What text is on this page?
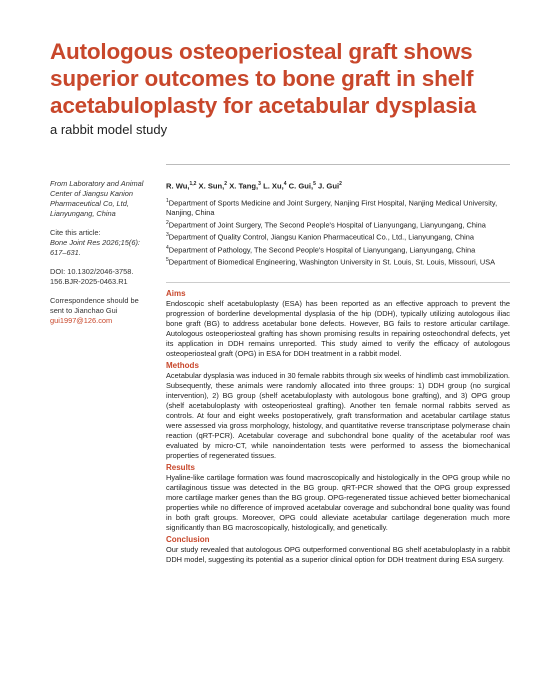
Autologous osteoperiosteal graft shows superior outcomes to bone graft in shelf acetabuloplasty for acetabular dysplasia
a rabbit model study
From Laboratory and Animal Center of Jiangsu Kanion Pharmaceutical Co, Ltd, Lianyungang, China
Cite this article:
Bone Joint Res 2026;15(6): 617–631.
DOI: 10.1302/2046-3758. 156.BJR-2025-0463.R1
Correspondence should be sent to Jianchao Gui
gui1997@126.com
R. Wu,$^{1,2}$ X. Sun,$^2$ X. Tang,$^3$ L. Xu,$^4$ C. Gui,$^5$ J. Gui$^2$

$^1$Department of Sports Medicine and Joint Surgery, Nanjing First Hospital, Nanjing Medical University, Nanjing, China

$^2$Department of Joint Surgery, The Second People's Hospital of Lianyungang, Lianyungang, China

$^3$Department of Quality Control, Jiangsu Kanion Pharmaceutical Co., Ltd., Lianyungang, China

$^4$Department of Pathology, The Second People's Hospital of Lianyungang, Lianyungang, China

$^5$Department of Biomedical Engineering, Washington University in St. Louis, St. Louis, Missouri, USA

Aims

Endoscopic shelf acetabuloplasty (ESA) has been reported as an effective approach to prevent the progression of borderline developmental dysplasia of the hip (DDH), typically utilizing autologous iliac bone graft (BG) to address acetabular bone defects. However, BG fails to restore articular cartilage. Autologous osteoperiosteal grafting has shown promising results in repairing osteochondral defects, yet its application in DDH remains unreported. This study aimed to verify the efficacy of autologous osteoperiosteal graft (OPG) in ESA for DDH treatment in a rabbit model.

Methods

Acetabular dysplasia was induced in 30 female rabbits through six weeks of hindlimb cast immobilization. Subsequently, these animals were randomly allocated into three groups: 1) DDH group (no surgical intervention), 2) BG group (shelf acetabuloplasty with autologous bone grafting), and 3) OPG group (shelf acetabuloplasty with osteoperiosteal grafting). Another ten female normal rabbits served as controls. At four and eight weeks postoperatively, graft transformation and acetabular cartilage status were assessed via gross morphology, histology, and quantitative reverse transcriptase polymerase chain reaction (qRT-PCR). Acetabular coverage and subchondral bone quality of the acetabular roof was evaluated by micro-CT, while nanoindentation tests were performed to assess the biomechanical properties of regenerated tissues.

Results

Hyaline-like cartilage formation was found macroscopically and histologically in the OPG group while no cartilaginous tissue was detected in the BG group. qRT-PCR showed that the OPG group expressed more cartilage marker genes than the BG group. OPG-regenerated tissue achieved better biomechanical properties while no difference of improved acetabular coverage and subchondral bone quality was found in both graft groups. Moreover, OPG could alleviate acetabular cartilage degeneration much more significantly than BG macroscopically, histologically, and genetically.

Conclusion

Our study revealed that autologous OPG outperformed conventional BG shelf acetabuloplasty in a rabbit DDH model, suggesting its potential as a superior clinical option for DDH treatment during ESA surgery.
